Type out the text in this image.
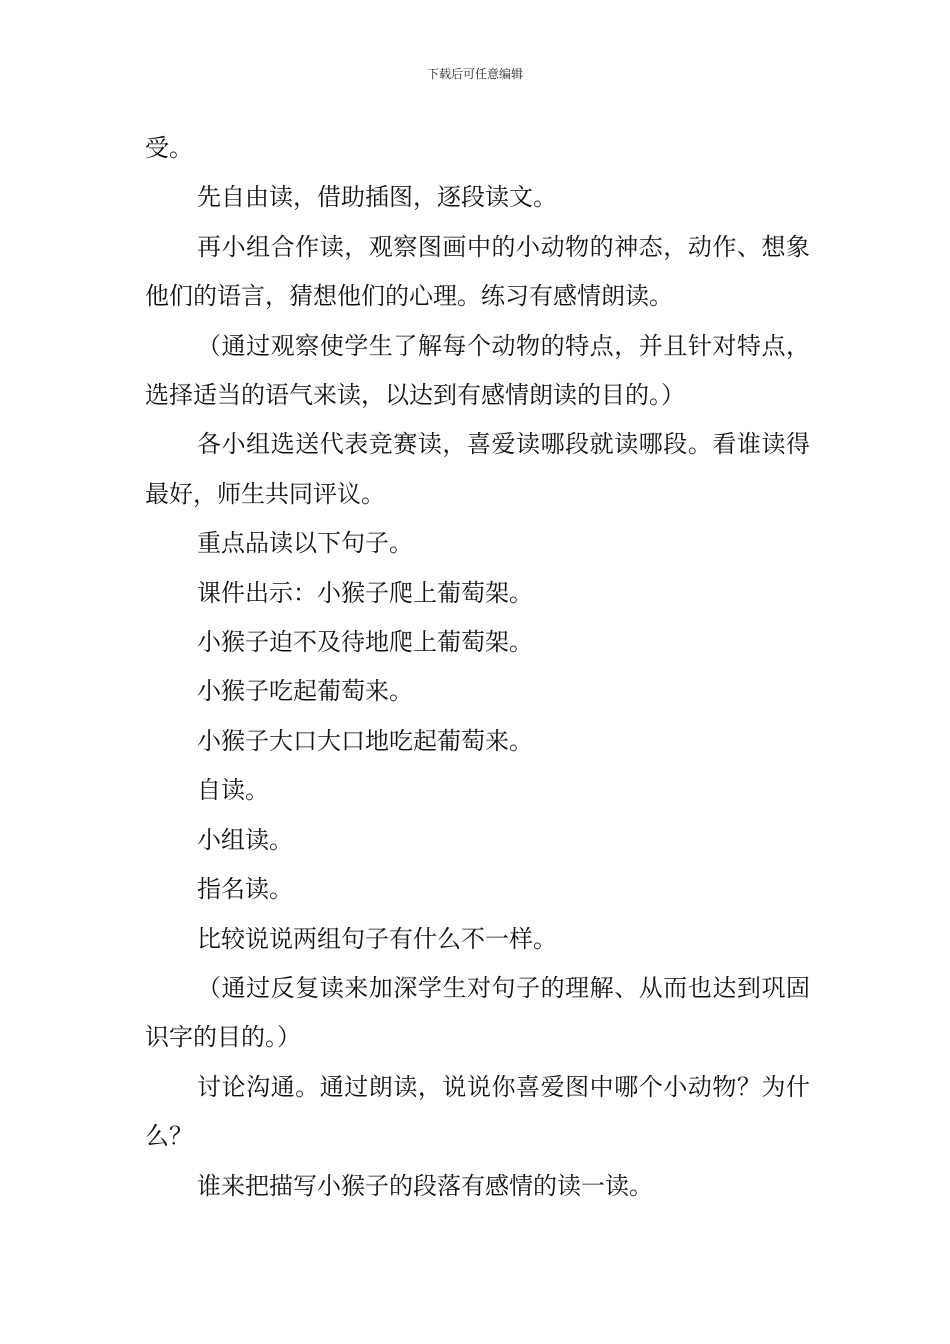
下载后可任意编辑

受。

先自由读，借助插图，逐段读文。

再小组合作读，观察图画中的小动物的神态，动作、想象他们的语言，猜想他们的心理。练习有感情朗读。

（通过观察使学生了解每个动物的特点，并且针对特点，选择适当的语气来读，以达到有感情朗读的目的。）

各小组选送代表竞赛读，喜爱读哪段就读哪段。看谁读得最好，师生共同评议。

重点品读以下句子。

课件出示：小猴子爬上葡萄架。

小猴子迫不及待地爬上葡萄架。

小猴子吃起葡萄来。

小猴子大口大口地吃起葡萄来。

自读。

小组读。

指名读。

比较说说两组句子有什么不一样。

（通过反复读来加深学生对句子的理解、从而也达到巩固识字的目的。）

讨论沟通。通过朗读，说说你喜爱图中哪个小动物？为什么？

谁来把描写小猴子的段落有感情的读一读。
